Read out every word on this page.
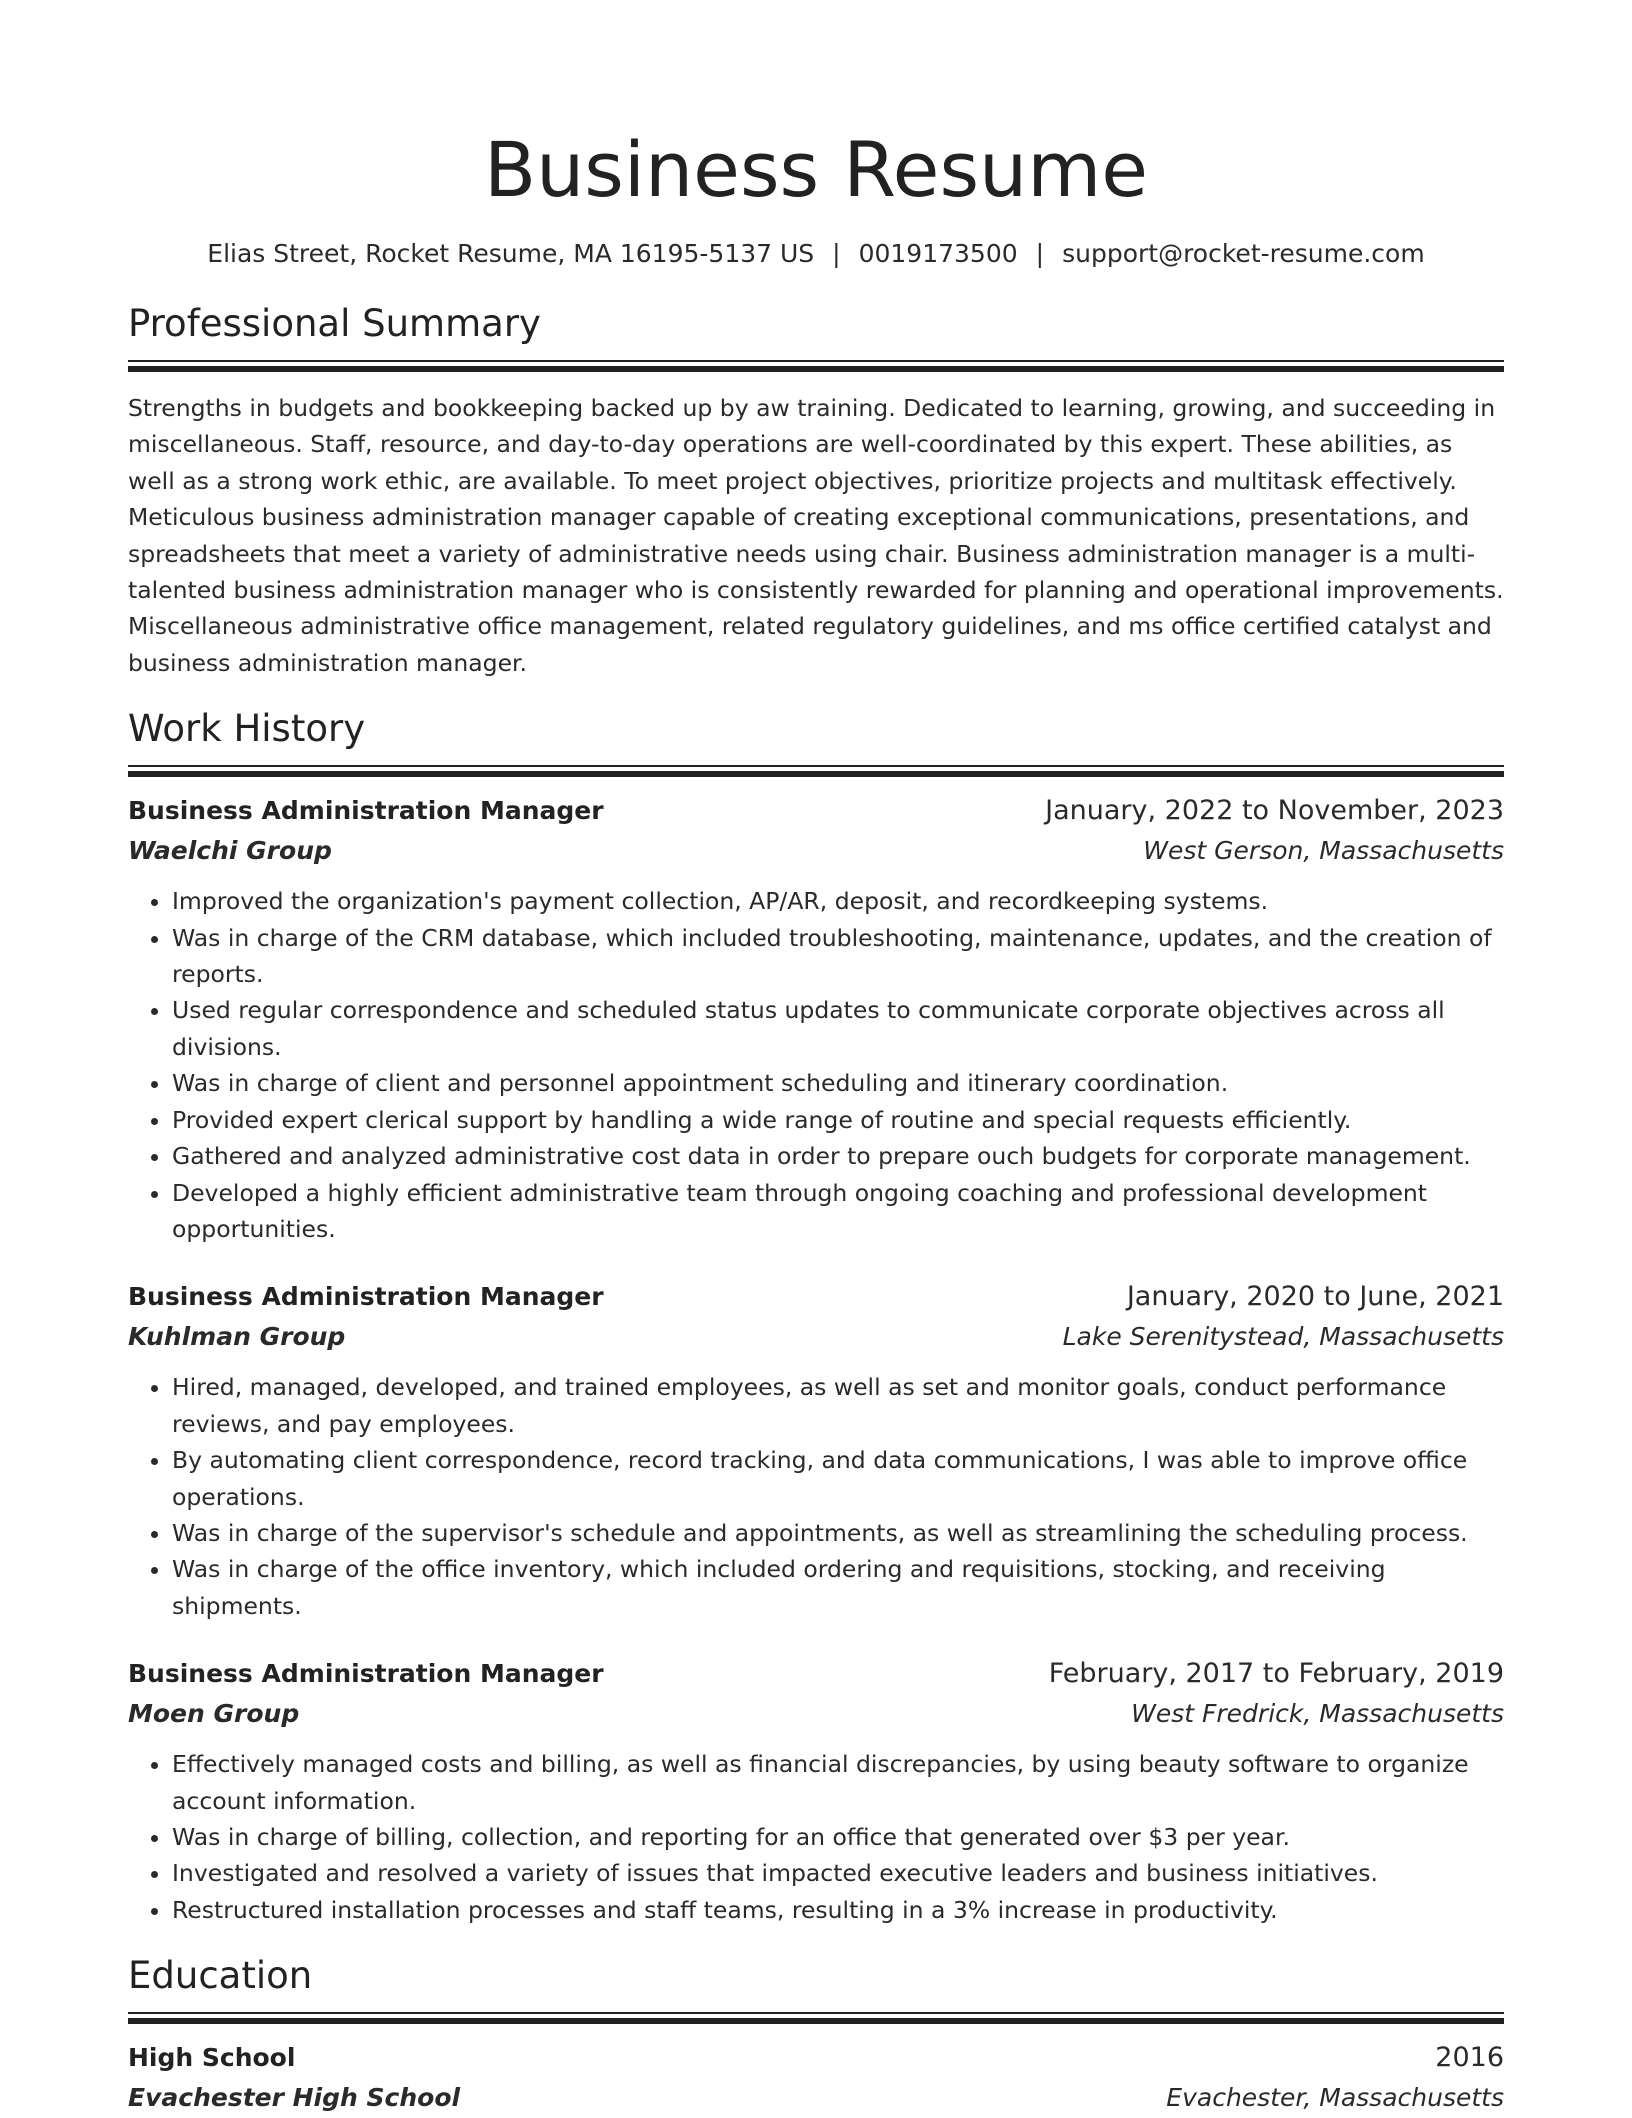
Business Resume
Elias Street, Rocket Resume, MA 16195-5137 US | 0019173500 | support@rocket-resume.com
Professional Summary

Strengths in budgets and bookkeeping backed up by aw training. Dedicated to learning, growing, and succeeding in miscellaneous. Staff, resource, and day-to-day operations are well-coordinated by this expert. These abilities, as well as a strong work ethic, are available. To meet project objectives, prioritize projects and multitask effectively. Meticulous business administration manager capable of creating exceptional communications, presentations, and spreadsheets that meet a variety of administrative needs using chair. Business administration manager is a multi-talented business administration manager who is consistently rewarded for planning and operational improvements. Miscellaneous administrative office management, related regulatory guidelines, and ms office certified catalyst and business administration manager.

Work History
Business Administration Manager	January, 2022 to November, 2023
Waelchi Group	West Gerson, Massachusetts
• Improved the organization's payment collection, AP/AR, deposit, and recordkeeping systems.
• Was in charge of the CRM database, which included troubleshooting, maintenance, updates, and the creation of reports.
• Used regular correspondence and scheduled status updates to communicate corporate objectives across all divisions.
• Was in charge of client and personnel appointment scheduling and itinerary coordination.
• Provided expert clerical support by handling a wide range of routine and special requests efficiently.
• Gathered and analyzed administrative cost data in order to prepare ouch budgets for corporate management.
• Developed a highly efficient administrative team through ongoing coaching and professional development opportunities.
Business Administration Manager	January, 2020 to June, 2021
Kuhlman Group	Lake Serenitystead, Massachusetts
• Hired, managed, developed, and trained employees, as well as set and monitor goals, conduct performance reviews, and pay employees.
• By automating client correspondence, record tracking, and data communications, I was able to improve office operations.
• Was in charge of the supervisor's schedule and appointments, as well as streamlining the scheduling process.
• Was in charge of the office inventory, which included ordering and requisitions, stocking, and receiving shipments.
Business Administration Manager	February, 2017 to February, 2019
Moen Group	West Fredrick, Massachusetts
• Effectively managed costs and billing, as well as financial discrepancies, by using beauty software to organize account information.
• Was in charge of billing, collection, and reporting for an office that generated over $3 per year.
• Investigated and resolved a variety of issues that impacted executive leaders and business initiatives.
• Restructured installation processes and staff teams, resulting in a 3% increase in productivity.
Education
High School	2016
Evachester High School	Evachester, Massachusetts
